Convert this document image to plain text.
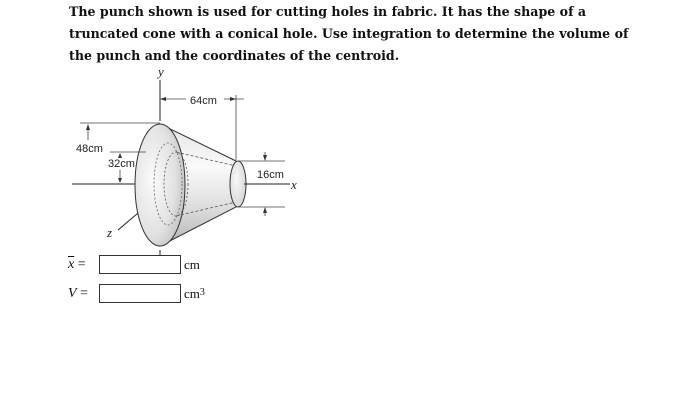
The punch shown is used for cutting holes in fabric. It has the shape of a truncated cone with a conical hole. Use integration to determine the volume of the punch and the coordinates of the centroid.
y
z
x
64cm
48cm
32cm
16cm
$\overline{x}$ =	cm
V =	$cm^3$
